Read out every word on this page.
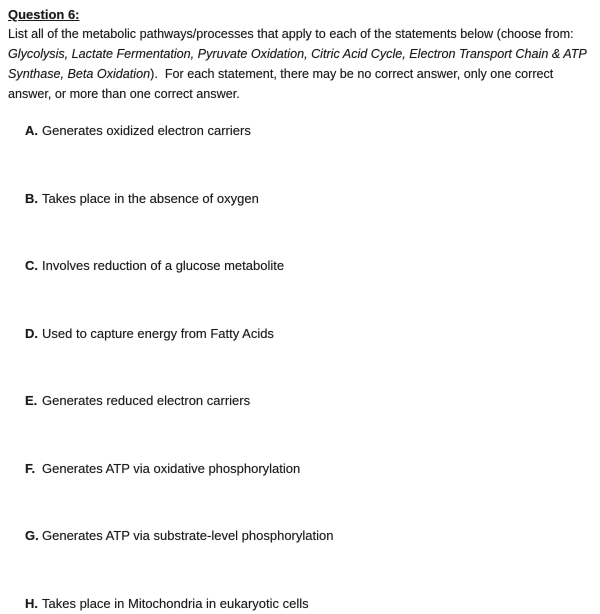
Question 6:

List all of the metabolic pathways/processes that apply to each of the statements below (choose from: Glycolysis, Lactate Fermentation, Pyruvate Oxidation, Citric Acid Cycle, Electron Transport Chain & ATP Synthase, Beta Oxidation).  For each statement, there may be no correct answer, only one correct answer, or more than one correct answer.

A. Generates oxidized electron carriers
B. Takes place in the absence of oxygen
C. Involves reduction of a glucose metabolite
D. Used to capture energy from Fatty Acids
E. Generates reduced electron carriers
F. Generates ATP via oxidative phosphorylation
G. Generates ATP via substrate-level phosphorylation
H. Takes place in Mitochondria in eukaryotic cells
